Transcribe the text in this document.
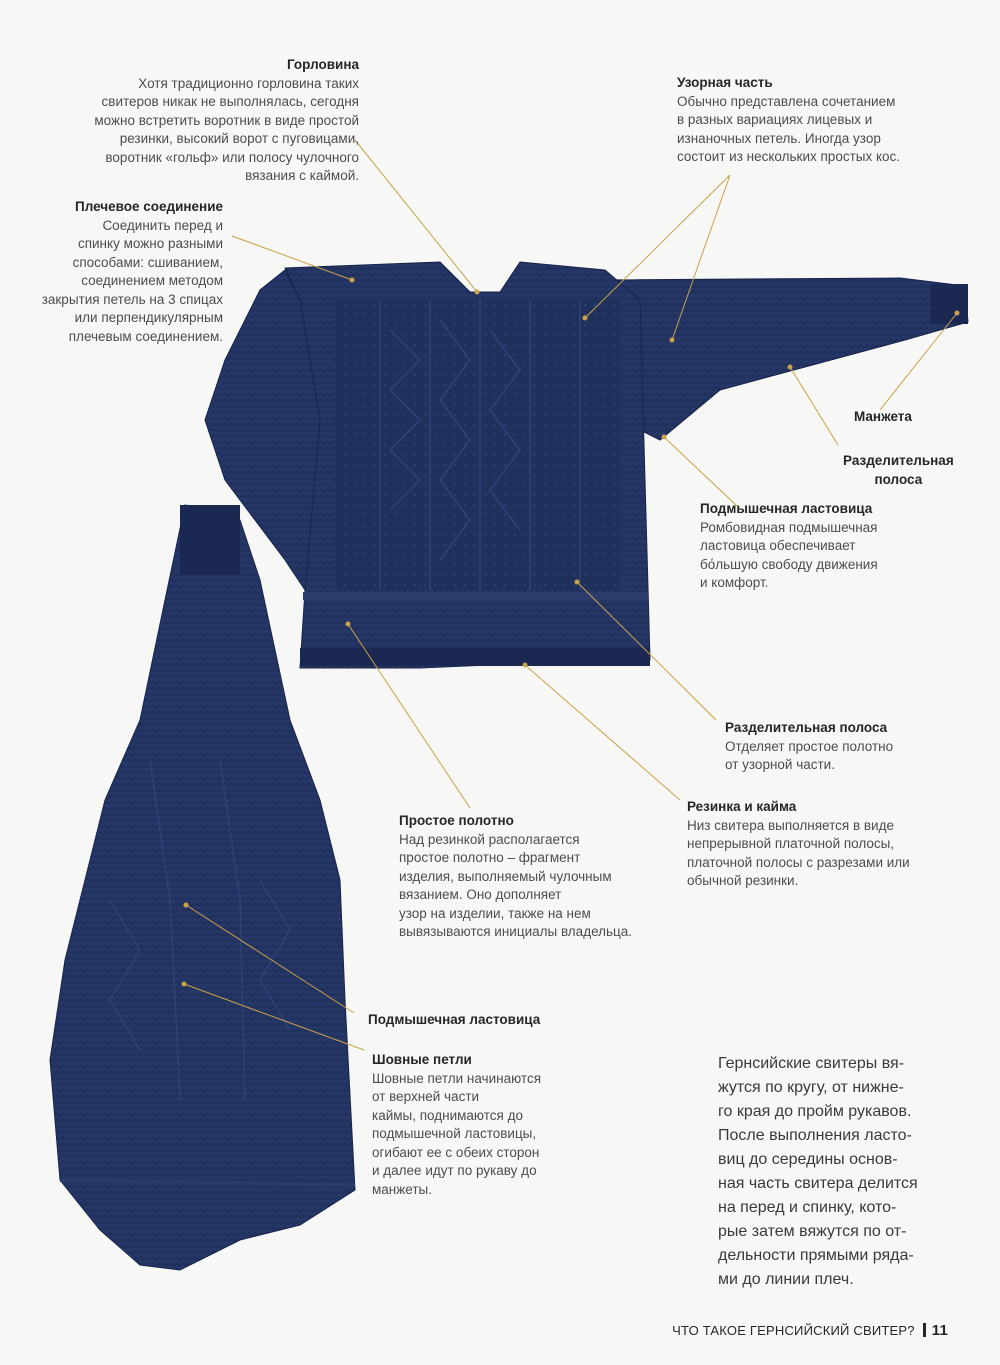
Горловина
Хотя традиционно горловина таких
свитеров никак не выполнялась, сегодня
можно встретить воротник в виде простой
резинки, высокий ворот с пуговицами,
воротник «гольф» или полосу чулочного
вязания с каймой.
Плечевое соединение
Соединить перед и
спинку можно разными
способами: сшиванием,
соединением методом
закрытия петель на 3 спицах
или перпендикулярным
плечевым соединением.
Узорная часть
Обычно представлена сочетанием
в разных вариациях лицевых и
изнаночных петель. Иногда узор
состоит из нескольких простых кос.
Манжета
Разделительная
полоса
Подмышечная ластовица
Ромбовидная подмышечная
ластовица обеспечивает
бо́льшую свободу движения
и комфорт.
Разделительная полоса
Отделяет простое полотно
от узорной части.
Резинка и кайма
Низ свитера выполняется в виде
непрерывной платочной полосы,
платочной полосы с разрезами или
обычной резинки.
Простое полотно
Над резинкой располагается
простое полотно – фрагмент
изделия, выполняемый чулочным
вязанием. Оно дополняет
узор на изделии, также на нем
вывязываются инициалы владельца.
Подмышечная ластовица
Шовные петли
Шовные петли начинаются
от верхней части
каймы, поднимаются до
подмышечной ластовицы,
огибают ее с обеих сторон
и далее идут по рукаву до
манжеты.
Гернсийские свитеры вя-
жутся по кругу, от нижне-
го края до пройм рукавов.
После выполнения ласто-
виц до середины основ-
ная часть свитера делится
на перед и спинку, кото-
рые затем вяжутся по от-
дельности прямыми ряда-
ми до линии плеч.
ЧТО ТАКОЕ ГЕРНСИЙСКИЙ СВИТЕР? 11
